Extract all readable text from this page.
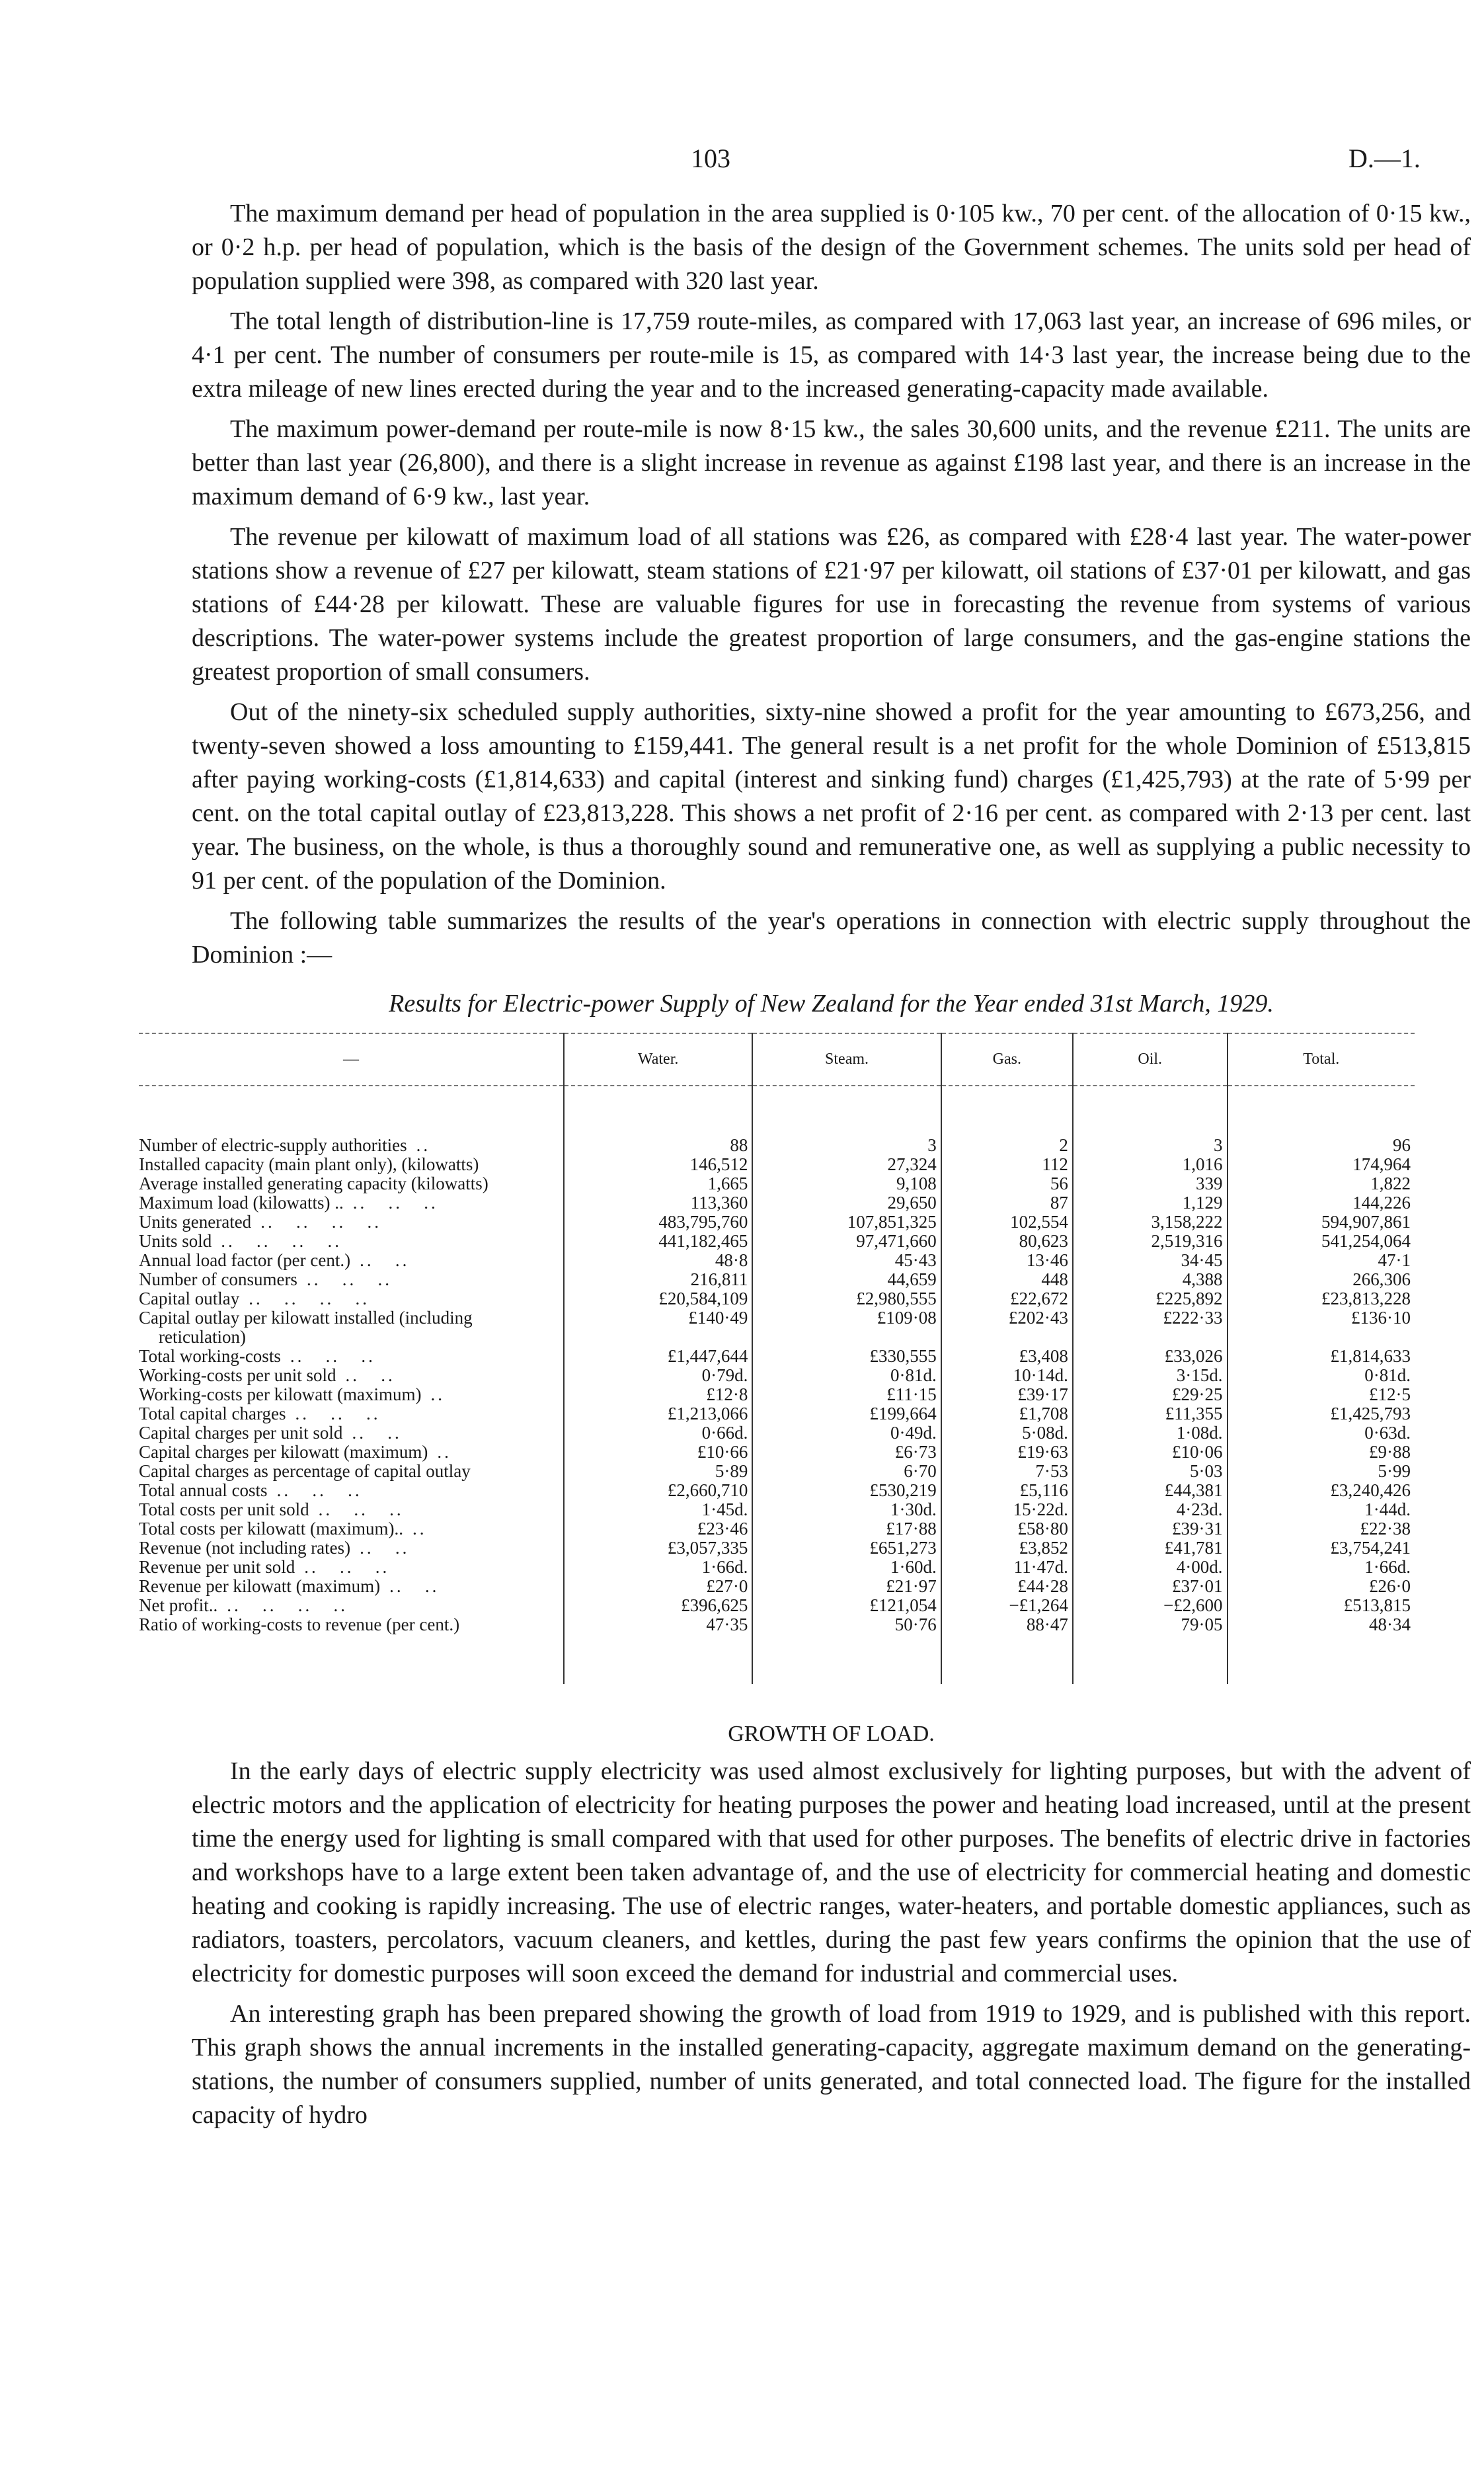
103	D.—1.

The maximum demand per head of population in the area supplied is 0·105 kw., 70 per cent. of the allocation of 0·15 kw., or 0·2 h.p. per head of population, which is the basis of the design of the Government schemes. The units sold per head of population supplied were 398, as compared with 320 last year.

The total length of distribution-line is 17,759 route-miles, as compared with 17,063 last year, an increase of 696 miles, or 4·1 per cent. The number of consumers per route-mile is 15, as compared with 14·3 last year, the increase being due to the extra mileage of new lines erected during the year and to the increased generating-capacity made available.

The maximum power-demand per route-mile is now 8·15 kw., the sales 30,600 units, and the revenue £211. The units are better than last year (26,800), and there is a slight increase in revenue as against £198 last year, and there is an increase in the maximum demand of 6·9 kw., last year.

The revenue per kilowatt of maximum load of all stations was £26, as compared with £28·4 last year. The water-power stations show a revenue of £27 per kilowatt, steam stations of £21·97 per kilowatt, oil stations of £37·01 per kilowatt, and gas stations of £44·28 per kilowatt. These are valuable figures for use in forecasting the revenue from systems of various descriptions. The water-power systems include the greatest proportion of large consumers, and the gas-engine stations the greatest proportion of small consumers.

Out of the ninety-six scheduled supply authorities, sixty-nine showed a profit for the year amounting to £673,256, and twenty-seven showed a loss amounting to £159,441. The general result is a net profit for the whole Dominion of £513,815 after paying working-costs (£1,814,633) and capital (interest and sinking fund) charges (£1,425,793) at the rate of 5·99 per cent. on the total capital outlay of £23,813,228. This shows a net profit of 2·16 per cent. as compared with 2·13 per cent. last year. The business, on the whole, is thus a thoroughly sound and remunerative one, as well as supplying a public necessity to 91 per cent. of the population of the Dominion.

The following table summarizes the results of the year's operations in connection with electric supply throughout the Dominion :—

Results for Electric-power Supply of New Zealand for the Year ended 31st March, 1929.
—	Water.	Steam.	Gas.	Oil.	Total.

Number of electric-supply authorities ..	88	3	2	3	96
Installed capacity (main plant only), (kilowatts)	146,512	27,324	112	1,016	174,964
Average installed generating capacity (kilowatts)	1,665	9,108	56	339	1,822
Maximum load (kilowatts) .. ..   ..   ..	113,360	29,650	87	1,129	144,226
Units generated ..   ..   ..   ..	483,795,760	107,851,325	102,554	3,158,222	594,907,861
Units sold ..   ..   ..   ..	441,182,465	97,471,660	80,623	2,519,316	541,254,064
Annual load factor (per cent.) ..   ..	48·8	45·43	13·46	34·45	47·1
Number of consumers ..   ..   ..	216,811	44,659	448	4,388	266,306
Capital outlay ..   ..   ..   ..	£20,584,109	£2,980,555	£22,672	£225,892	£23,813,228
Capital outlay per kilowatt installed (including	£140·49	£109·08	£202·43	£222·33	£136·10
reticulation)					
Total working-costs ..   ..   ..	£1,447,644	£330,555	£3,408	£33,026	£1,814,633
Working-costs per unit sold ..   ..	0·79d.	0·81d.	10·14d.	3·15d.	0·81d.
Working-costs per kilowatt (maximum) ..	£12·8	£11·15	£39·17	£29·25	£12·5
Total capital charges ..   ..   ..	£1,213,066	£199,664	£1,708	£11,355	£1,425,793
Capital charges per unit sold ..   ..	0·66d.	0·49d.	5·08d.	1·08d.	0·63d.
Capital charges per kilowatt (maximum) ..	£10·66	£6·73	£19·63	£10·06	£9·88
Capital charges as percentage of capital outlay	5·89	6·70	7·53	5·03	5·99
Total annual costs ..   ..   ..	£2,660,710	£530,219	£5,116	£44,381	£3,240,426
Total costs per unit sold ..   ..   ..	1·45d.	1·30d.	15·22d.	4·23d.	1·44d.
Total costs per kilowatt (maximum).. ..	£23·46	£17·88	£58·80	£39·31	£22·38
Revenue (not including rates) ..   ..	£3,057,335	£651,273	£3,852	£41,781	£3,754,241
Revenue per unit sold ..   ..   ..	1·66d.	1·60d.	11·47d.	4·00d.	1·66d.
Revenue per kilowatt (maximum) ..   ..	£27·0	£21·97	£44·28	£37·01	£26·0
Net profit.. ..   ..   ..   ..	£396,625	£121,054	−£1,264	−£2,600	£513,815
Ratio of working-costs to revenue (per cent.)	47·35	50·76	88·47	79·05	48·34

GROWTH OF LOAD.

In the early days of electric supply electricity was used almost exclusively for lighting purposes, but with the advent of electric motors and the application of electricity for heating purposes the power and heating load increased, until at the present time the energy used for lighting is small compared with that used for other purposes. The benefits of electric drive in factories and workshops have to a large extent been taken advantage of, and the use of electricity for commercial heating and domestic heating and cooking is rapidly increasing. The use of electric ranges, water-heaters, and portable domestic appliances, such as radiators, toasters, percolators, vacuum cleaners, and kettles, during the past few years confirms the opinion that the use of electricity for domestic purposes will soon exceed the demand for industrial and commercial uses.

An interesting graph has been prepared showing the growth of load from 1919 to 1929, and is published with this report. This graph shows the annual increments in the installed generating-capacity, aggregate maximum demand on the generating-stations, the number of consumers supplied, number of units generated, and total connected load. The figure for the installed capacity of hydro
